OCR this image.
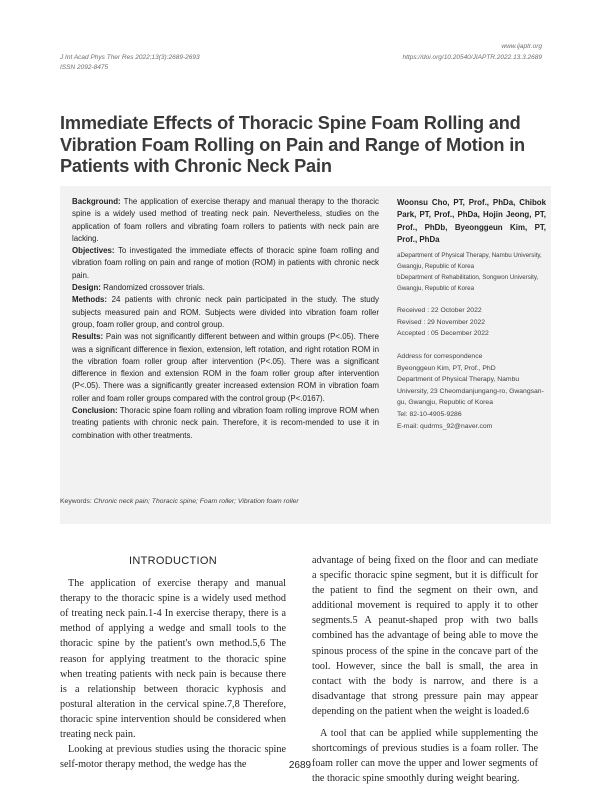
J Int Acad Phys Ther Res 2022;13(3):2689-2693
ISSN 2092-8475
www.ijaptr.org
https://doi.org/10.20540/JIAPTR.2022.13.3.2689
Immediate Effects of Thoracic Spine Foam Rolling and Vibration Foam Rolling on Pain and Range of Motion in Patients with Chronic Neck Pain

Background: The application of exercise therapy and manual therapy to the thoracic spine is a widely used method of treating neck pain. Nevertheless, studies on the application of foam rollers and vibrating foam rollers to patients with neck pain are lacking.

Objectives: To investigated the immediate effects of thoracic spine foam rolling and vibration foam rolling on pain and range of motion (ROM) in patients with chronic neck pain.

Design: Randomized crossover trials.

Methods: 24 patients with chronic neck pain participated in the study. The study subjects measured pain and ROM. Subjects were divided into vibration foam roller group, foam roller group, and control group.

Results: Pain was not significantly different between and within groups (P<.05). There was a significant difference in flexion, extension, left rotation, and right rotation ROM in the vibration foam roller group after intervention (P<.05). There was a significant difference in flexion and extension ROM in the foam roller group after intervention (P<.05). There was a significantly greater increased extension ROM in vibration foam roller and foam roller groups compared with the control group (P<.0167).

Conclusion: Thoracic spine foam rolling and vibration foam rolling improve ROM when treating patients with chronic neck pain. Therefore, it is recom-mended to use it in combination with other treatments.

Woonsu Cho, PT, Prof., PhDa, Chibok Park, PT, Prof., PhDa, Hojin Jeong, PT, Prof., PhDb, Byeonggeun Kim, PT, Prof., PhDa
aDepartment of Physical Therapy, Nambu University, Gwangju, Republic of Korea
bDepartment of Rehabilitation, Songwon University, Gwangju, Republic of Korea
Received : 22 October 2022
Revised : 29 November 2022
Accepted : 05 December 2022
Address for correspondence
Byeonggeun Kim, PT, Prof., PhD
Department of Physical Therapy, Nambu University, 23 Cheomdanjungang-ro, Gwangsan-gu, Gwangju, Republic of Korea
Tel: 82-10-4905-9286
E-mail: qudrms_92@naver.com
Keywords: Chronic neck pain; Thoracic spine; Foam roller; Vibration foam roller

INTRODUCTION

The application of exercise therapy and manual therapy to the thoracic spine is a widely used method of treating neck pain.1-4 In exercise therapy, there is a method of applying a wedge and small tools to the thoracic spine by the patient's own method.5,6 The reason for applying treatment to the thoracic spine when treating patients with neck pain is because there is a relationship between thoracic kyphosis and postural alteration in the cervical spine.7,8 Therefore, thoracic spine intervention should be considered when treating neck pain.

Looking at previous studies using the thoracic spine self-motor therapy method, the wedge has the

advantage of being fixed on the floor and can mediate a specific thoracic spine segment, but it is difficult for the patient to find the segment on their own, and additional movement is required to apply it to other segments.5 A peanut-shaped prop with two balls combined has the advantage of being able to move the spinous process of the spine in the concave part of the tool. However, since the ball is small, the area in contact with the body is narrow, and there is a disadvantage that strong pressure pain may appear depending on the patient when the weight is loaded.6

A tool that can be applied while supplementing the shortcomings of previous studies is a foam roller. The foam roller can move the upper and lower segments of the thoracic spine smoothly during weight bearing.

2689
